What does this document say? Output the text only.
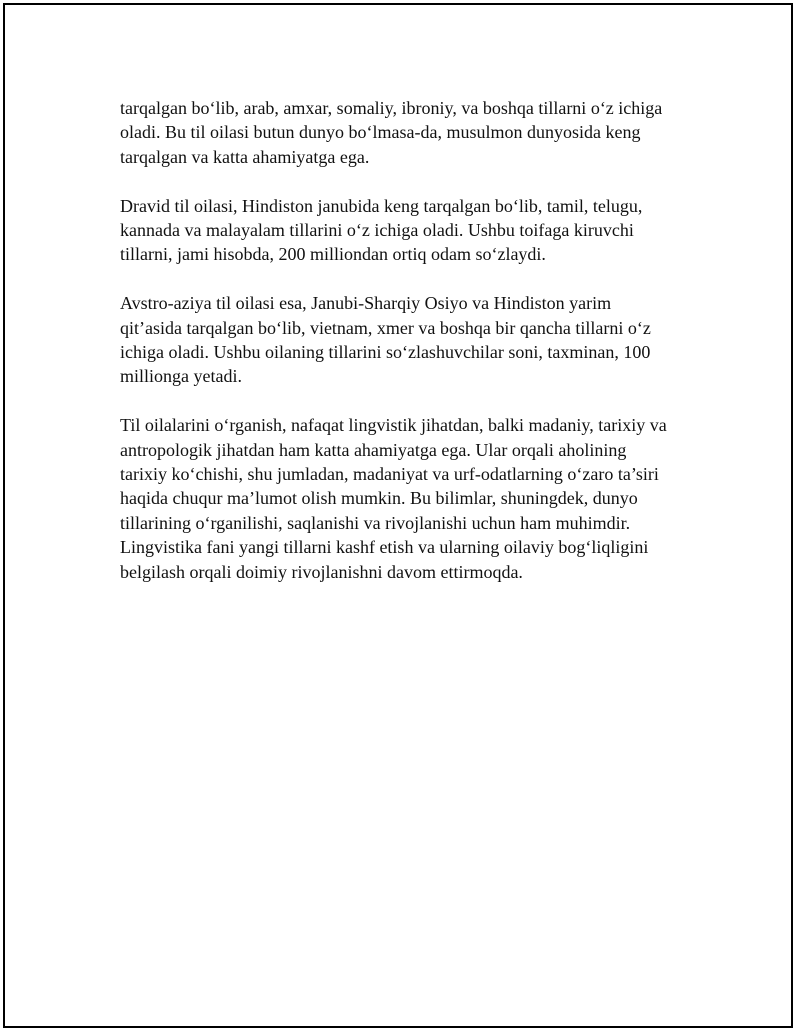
tarqalgan bo‘lib, arab, amxar, somaliy, ibroniy, va boshqa tillarni o‘z ichiga
oladi. Bu til oilasi butun dunyo bo‘lmasa-da, musulmon dunyosida keng
tarqalgan va katta ahamiyatga ega.

Dravid til oilasi, Hindiston janubida keng tarqalgan bo‘lib, tamil, telugu,
kannada va malayalam tillarini o‘z ichiga oladi. Ushbu toifaga kiruvchi
tillarni, jami hisobda, 200 milliondan ortiq odam so‘zlaydi.

Avstro-aziya til oilasi esa, Janubi-Sharqiy Osiyo va Hindiston yarim
qit’asida tarqalgan bo‘lib, vietnam, xmer va boshqa bir qancha tillarni o‘z
ichiga oladi. Ushbu oilaning tillarini so‘zlashuvchilar soni, taxminan, 100
millionga yetadi.

Til oilalarini o‘rganish, nafaqat lingvistik jihatdan, balki madaniy, tarixiy va
antropologik jihatdan ham katta ahamiyatga ega. Ular orqali aholining
tarixiy ko‘chishi, shu jumladan, madaniyat va urf-odatlarning o‘zaro ta’siri
haqida chuqur ma’lumot olish mumkin. Bu bilimlar, shuningdek, dunyo
tillarining o‘rganilishi, saqlanishi va rivojlanishi uchun ham muhimdir.
Lingvistika fani yangi tillarni kashf etish va ularning oilaviy bog‘liqligini
belgilash orqali doimiy rivojlanishni davom ettirmoqda.
